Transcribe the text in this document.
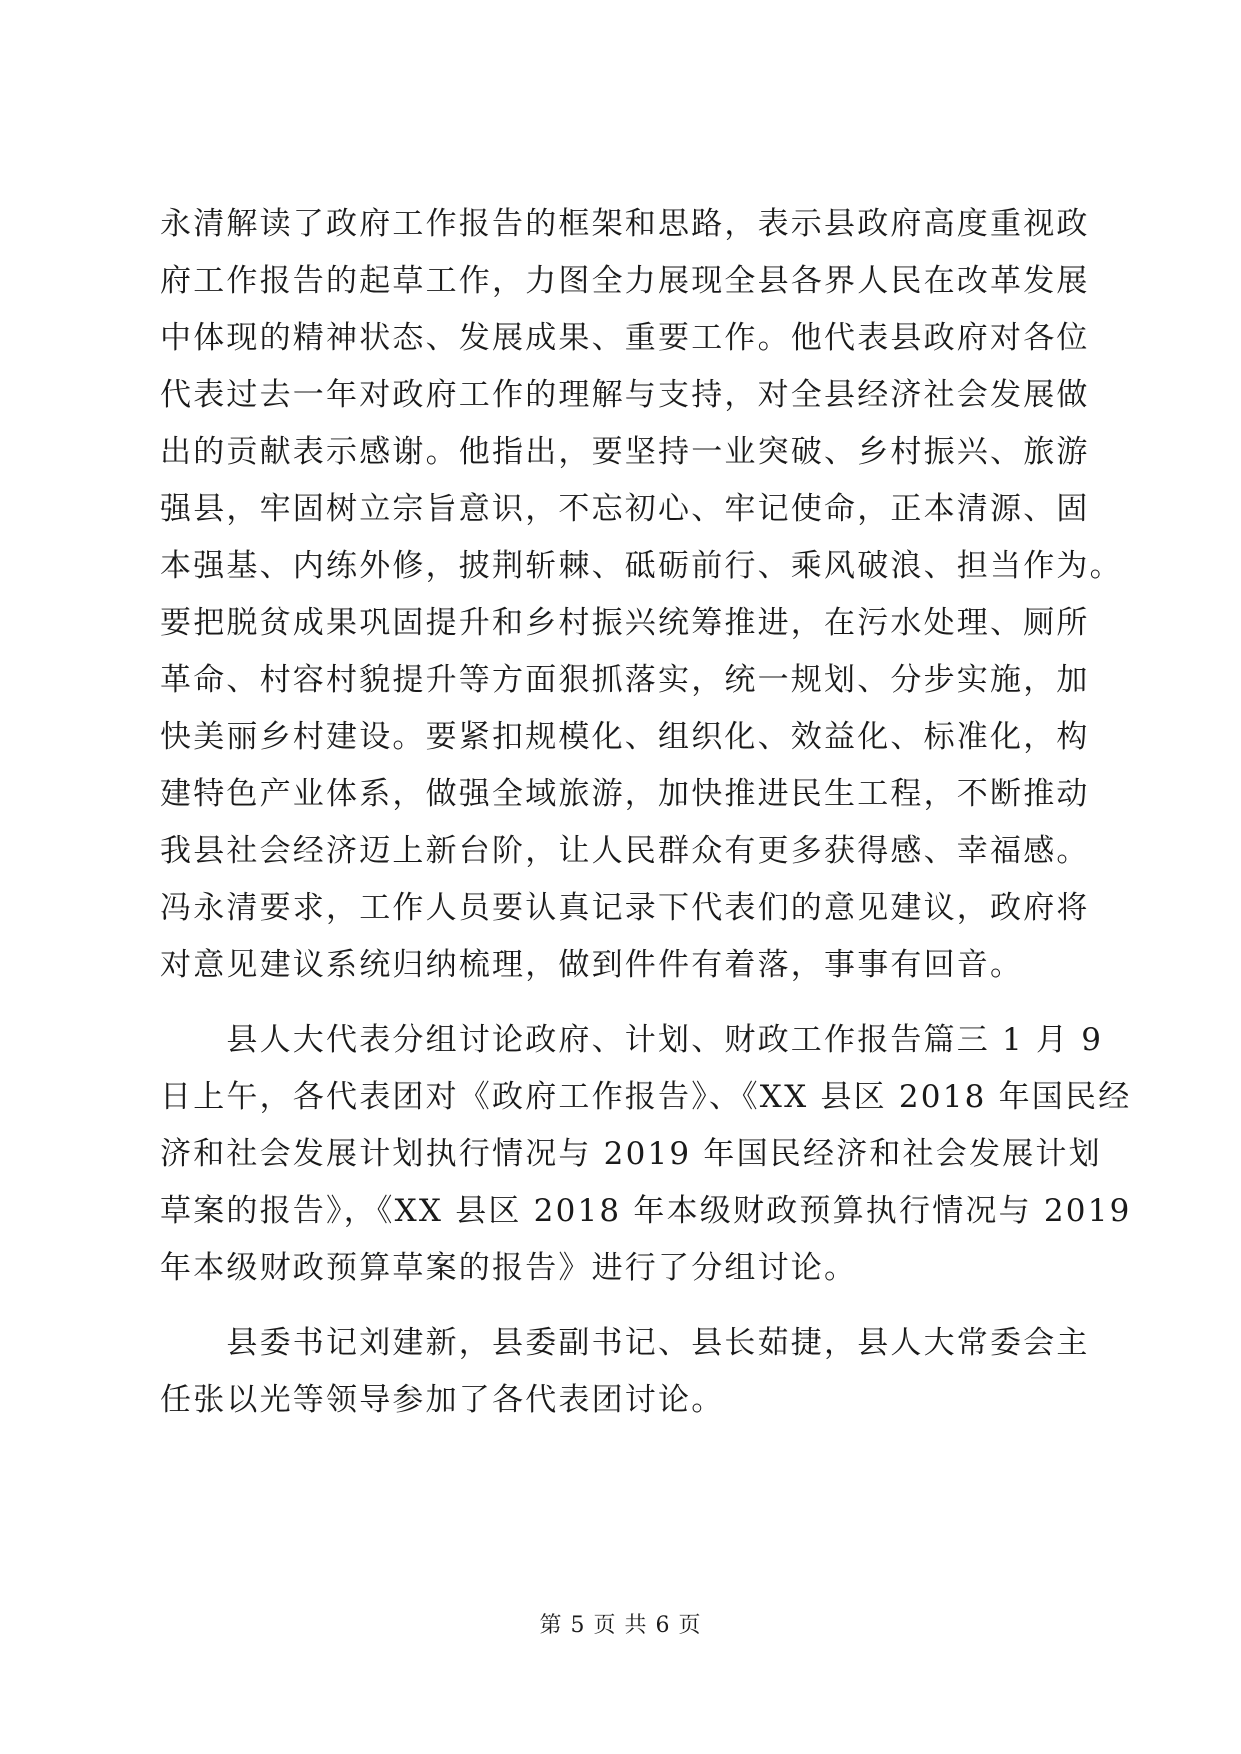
永清解读了政府工作报告的框架和思路，表示县政府高度重视政
府工作报告的起草工作，力图全力展现全县各界人民在改革发展
中体现的精神状态、发展成果、重要工作。他代表县政府对各位
代表过去一年对政府工作的理解与支持，对全县经济社会发展做
出的贡献表示感谢。他指出，要坚持一业突破、乡村振兴、旅游
强县，牢固树立宗旨意识，不忘初心、牢记使命，正本清源、固
本强基、内练外修，披荆斩棘、砥砺前行、乘风破浪、担当作为。
要把脱贫成果巩固提升和乡村振兴统筹推进，在污水处理、厕所
革命、村容村貌提升等方面狠抓落实，统一规划、分步实施，加
快美丽乡村建设。要紧扣规模化、组织化、效益化、标准化，构
建特色产业体系，做强全域旅游，加快推进民生工程，不断推动
我县社会经济迈上新台阶，让人民群众有更多获得感、幸福感。
冯永清要求，工作人员要认真记录下代表们的意见建议，政府将
对意见建议系统归纳梳理，做到件件有着落，事事有回音。
　　县人大代表分组讨论政府、计划、财政工作报告篇三 1 月 9
日上午，各代表团对《政府工作报告》、《XX 县区 2018 年国民经
济和社会发展计划执行情况与 2019 年国民经济和社会发展计划
草案的报告》，《XX 县区 2018 年本级财政预算执行情况与 2019
年本级财政预算草案的报告》进行了分组讨论。
　　县委书记刘建新，县委副书记、县长茹捷，县人大常委会主
任张以光等领导参加了各代表团讨论。
第 5 页 共 6 页
